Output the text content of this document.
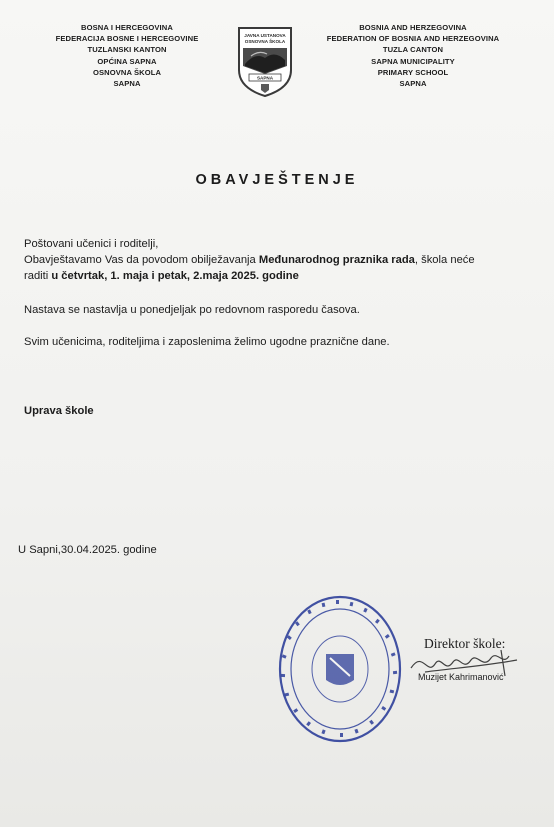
BOSNA I HERCEGOVINA
FEDERACIJA BOSNE I HERCEGOVINE
TUZLANSKI KANTON
OPĆINA SAPNA
OSNOVNA ŠKOLA
SAPNA
JAVNA USTANOVA
OSNOVNA ŠKOLA
SAPNA
BOSNIA AND HERZEGOVINA
FEDERATION OF BOSNIA AND HERZEGOVINA
TUZLA CANTON
SAPNA MUNICIPALITY
PRIMARY SCHOOL
SAPNA
OBAVJEŠTENJE
Poštovani učenici i roditelji,
Obavještavamo Vas da povodom obilježavanja Međunarodnog praznika rada, škola neće
raditi u četvrtak, 1. maja i petak, 2.maja 2025. godine
Nastava se nastavlja u ponedjeljak po redovnom rasporedu časova.
Svim učenicima, roditeljima i zaposlenima želimo ugodne praznične dane.
Uprava škole
U Sapni,30.04.2025. godine
Direktor škole:
Muzijet Kahrimanović
